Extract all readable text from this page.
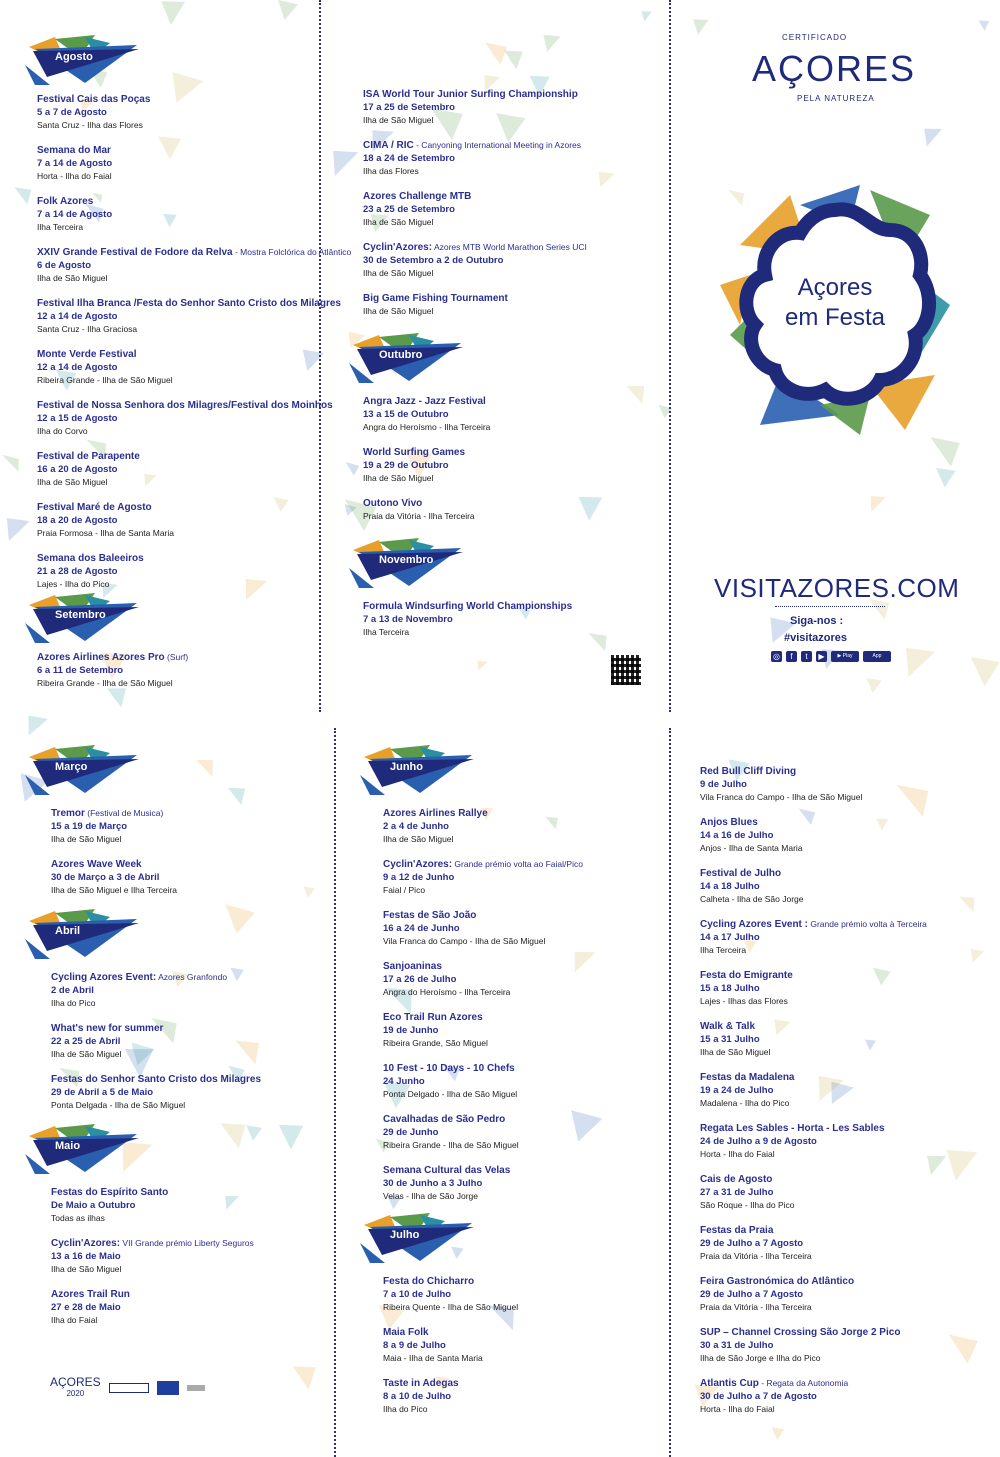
Agosto
Festival Cais das Poças
5 a 7 de Agosto
Santa Cruz - Ilha das Flores
Semana do Mar
7 a 14 de Agosto
Horta - Ilha do Faial
Folk Azores
7 a 14 de Agosto
Ilha Terceira
XXIV Grande Festival de Fodore da Relva - Mostra Folclórica do Atlântico
6 de Agosto
Ilha de São Miguel
Festival Ilha Branca /Festa do Senhor Santo Cristo dos Milagres
12 a 14 de Agosto
Santa Cruz - Ilha Graciosa
Monte Verde Festival
12 a 14 de Agosto
Ribeira Grande - Ilha de São Miguel
Festival de Nossa Senhora dos Milagres/Festival dos Moinhos
12 a 15 de Agosto
Ilha do Corvo
Festival de Parapente
16 a 20 de Agosto
Ilha de São Miguel
Festival Maré de Agosto
18 a 20 de Agosto
Praia Formosa - Ilha de Santa Maria
Semana dos Baleeiros
21 a 28 de Agosto
Lajes - Ilha do Pico
Setembro
Azores Airlines Azores Pro (Surf)
6 a 11 de Setembro
Ribeira Grande - Ilha de São Miguel
ISA World Tour Junior Surfing Championship
17 a 25 de Setembro
Ilha de São Miguel
CIMA / RIC - Canyoning International Meeting in Azores
18 a 24 de Setembro
Ilha das Flores
Azores Challenge MTB
23 a 25 de Setembro
Ilha de São Miguel
Cyclin'Azores: Azores MTB World Marathon Series UCI
30 de Setembro a 2 de Outubro
Ilha de São Miguel
Big Game Fishing Tournament
Ilha de São Miguel
Outubro
Angra Jazz - Jazz Festival
13 a 15 de Outubro
Angra do Heroísmo - Ilha Terceira
World Surfing Games
19 a 29 de Outubro
Ilha de São Miguel
Outono Vivo
Praia da Vitória - Ilha Terceira
Novembro
Formula Windsurfing World Championships
7 a 13 de Novembro
Ilha Terceira
CERTIFICADO
AÇORES
PELA NATUREZA
Açores
em Festa
VISITAZORES.COM
Siga-nos :
#visitazores
◎	f	t	▶	▶ Play	App
Março
Tremor (Festival de Musica)
15 a 19 de Março
Ilha de São Miguel
Azores Wave Week
30 de Março a 3 de Abril
Ilha de São Miguel e Ilha Terceira
Abril
Cycling Azores Event: Azores Granfondo
2 de Abril
Ilha do Pico
What's new for summer
22 a 25 de Abril
Ilha de São Miguel
Festas do Senhor Santo Cristo dos Milagres
29 de Abril a 5 de Maio
Ponta Delgada - Ilha de São Miguel
Maio
Festas do Espírito Santo
De Maio a Outubro
Todas as ilhas
Cyclin'Azores: VII Grande prémio Liberty Seguros
13 a 16 de Maio
Ilha de São Miguel
Azores Trail Run
27 e 28 de Maio
Ilha do Faial
AÇORES
2020
Junho
Azores Airlines Rallye
2 a 4 de Junho
Ilha de São Miguel
Cyclin'Azores: Grande prémio volta ao Faial/Pico
9 a 12 de Junho
Faial / Pico
Festas de São João
16 a 24 de Junho
Vila Franca do Campo - Ilha de São Miguel
Sanjoaninas
17 a 26 de Julho
Angra do Heroísmo - Ilha Terceira
Eco Trail Run Azores
19 de Junho
Ribeira Grande, São Miguel
10 Fest - 10 Days - 10 Chefs
24 Junho
Ponta Delgado - Ilha de São Miguel
Cavalhadas de São Pedro
29 de Junho
Ribeira Grande - Ilha de São Miguel
Semana Cultural das Velas
30 de Junho a 3 Julho
Velas - Ilha de São Jorge
Julho
Festa do Chicharro
7 a 10 de Julho
Ribeira Quente - Ilha de São Miguel
Maia Folk
8 a 9 de Julho
Maia - Ilha de Santa Maria
Taste in Adegas
8 a 10 de Julho
Ilha do Pico
Red Bull Cliff Diving
9 de Julho
Vila Franca do Campo - Ilha de São Miguel
Anjos Blues
14 a 16 de Julho
Anjos - Ilha de Santa Maria
Festival de Julho
14 a 18 Julho
Calheta - Ilha de São Jorge
Cycling Azores Event : Grande prémio volta à Terceira
14 a 17 Julho
Ilha Terceira
Festa do Emigrante
15 a 18 Julho
Lajes - Ilhas das Flores
Walk & Talk
15 a 31 Julho
Ilha de São Miguel
Festas da Madalena
19 a 24 de Julho
Madalena - Ilha do Pico
Regata Les Sables - Horta - Les Sables
24 de Julho a 9 de Agosto
Horta - Ilha do Faial
Cais de Agosto
27 a 31 de Julho
São Roque - Ilha do Pico
Festas da Praia
29 de Julho a 7 Agosto
Praia da Vitória - Ilha Terceira
Feira Gastronómica do Atlântico
29 de Julho a 7 Agosto
Praia da Vitória - Ilha Terceira
SUP – Channel Crossing São Jorge 2 Pico
30 a 31 de Julho
Ilha de São Jorge e Ilha do Pico
Atlantis Cup - Regata da Autonomia
30 de Julho a 7 de Agosto
Horta - Ilha do Faial
